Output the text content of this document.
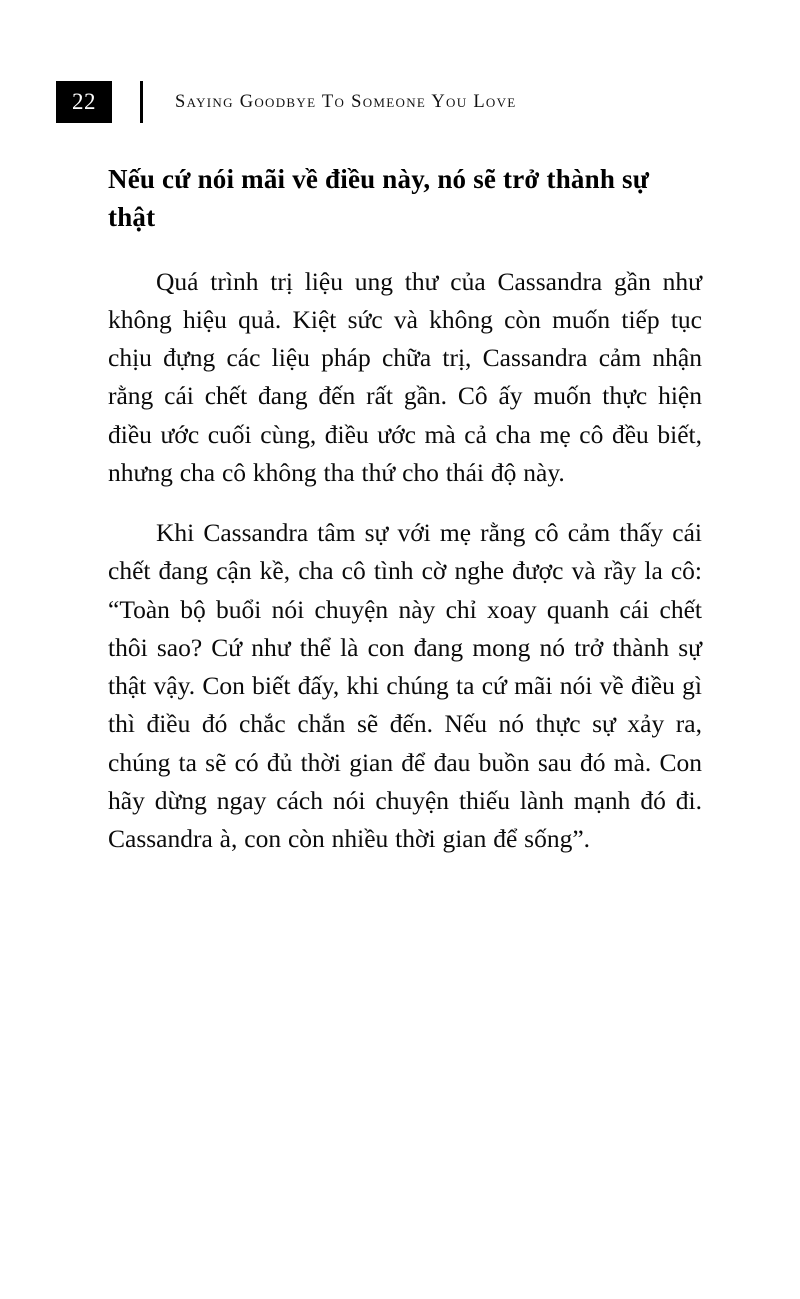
22	Saying Goodbye To Someone You Love
Nếu cứ nói mãi về điều này, nó sẽ trở thành sự thật

Quá trình trị liệu ung thư của Cassandra gần như không hiệu quả. Kiệt sức và không còn muốn tiếp tục chịu đựng các liệu pháp chữa trị, Cassandra cảm nhận rằng cái chết đang đến rất gần. Cô ấy muốn thực hiện điều ước cuối cùng, điều ước mà cả cha mẹ cô đều biết, nhưng cha cô không tha thứ cho thái độ này.

Khi Cassandra tâm sự với mẹ rằng cô cảm thấy cái chết đang cận kề, cha cô tình cờ nghe được và rầy la cô: “Toàn bộ buổi nói chuyện này chỉ xoay quanh cái chết thôi sao? Cứ như thể là con đang mong nó trở thành sự thật vậy. Con biết đấy, khi chúng ta cứ mãi nói về điều gì thì điều đó chắc chắn sẽ đến. Nếu nó thực sự xảy ra, chúng ta sẽ có đủ thời gian để đau buồn sau đó mà. Con hãy dừng ngay cách nói chuyện thiếu lành mạnh đó đi. Cassandra à, con còn nhiều thời gian để sống”.
